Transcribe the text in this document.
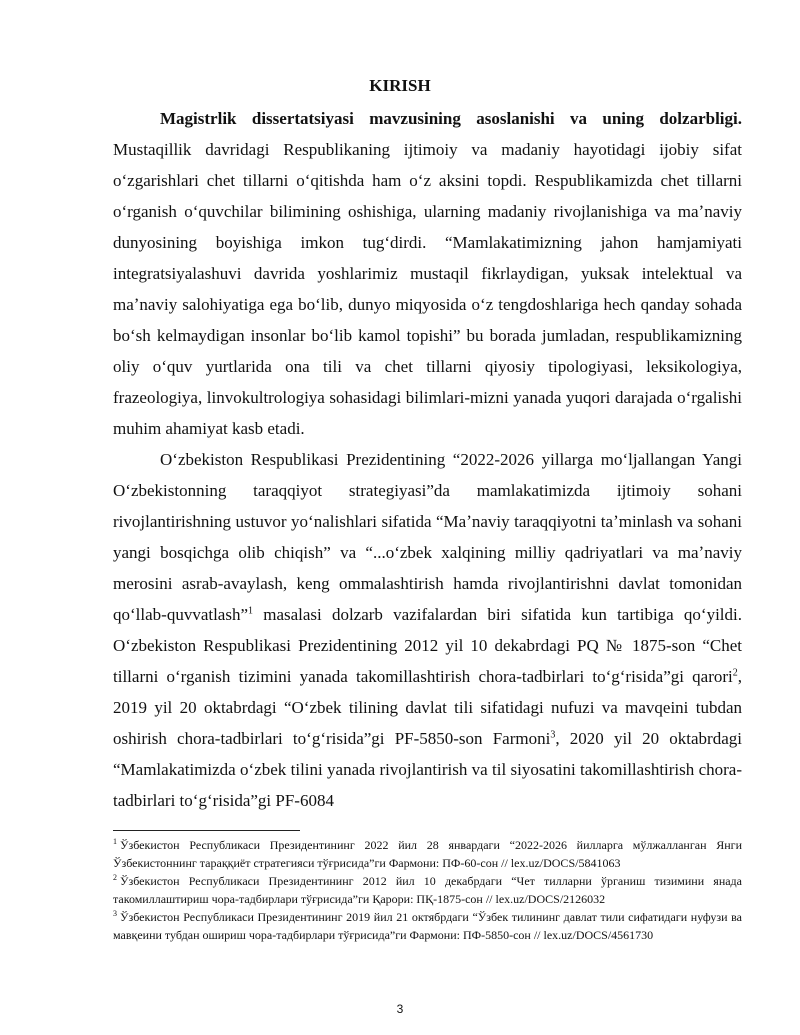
KIRISH

Magistrlik dissertatsiyasi mavzusining asoslanishi va uning dolzarbligi. Mustaqillik davridagi Respublikaning ijtimoiy va madaniy hayotidagi ijobiy sifat oʻzgarishlari chet tillarni oʻqitishda ham oʻz aksini topdi. Respublikamizda chet tillarni oʻrganish oʻquvchilar bilimining oshishiga, ularning madaniy rivojlanishiga va maʼnaviy dunyosining boyishiga imkon tugʻdirdi. “Mamlakatimizning jahon hamjamiyati integratsiyalashuvi davrida yoshlarimiz mustaqil fikrlaydigan, yuksak intelektual va maʼnaviy salohiyatiga ega boʻlib, dunyo miqyosida oʻz tengdoshlariga hech qanday sohada boʻsh kelmaydigan insonlar boʻlib kamol topishi” bu borada jumladan, respublikamizning oliy oʻquv yurtlarida ona tili va chet tillarni qiyosiy tipologiyasi, leksikologiya, frazeologiya, linvokultrologiya sohasidagi bilimlari-mizni yanada yuqori darajada oʻrgalishi muhim ahamiyat kasb etadi.

Oʻzbekiston Respublikasi Prezidentining “2022-2026 yillarga moʻljallangan Yangi Oʻzbekistonning taraqqiyot strategiyasi”da mamlakatimizda ijtimoiy sohani rivojlantirishning ustuvor yoʻnalishlari sifatida “Maʼnaviy taraqqiyotni taʼminlash va sohani yangi bosqichga olib chiqish” va “...oʻzbek xalqining milliy qadriyatlari va maʼnaviy merosini asrab-avaylash, keng ommalashtirish hamda rivojlantirishni davlat tomonidan qoʻllab-quvvatlash”$^1$ masalasi dolzarb vazifalardan biri sifatida kun tartibiga qoʻyildi. Oʻzbekiston Respublikasi Prezidentining 2012 yil 10 dekabrdagi PQ № 1875-son “Chet tillarni oʻrganish tizimini yanada takomillashtirish chora-tadbirlari toʻgʻrisida”gi qarori$^2$, 2019 yil 20 oktabrdagi “Oʻzbek tilining davlat tili sifatidagi nufuzi va mavqeini tubdan oshirish chora-tadbirlari toʻgʻrisida”gi PF-5850-son Farmoni$^3$, 2020 yil 20 oktabrdagi “Mamlakatimizda oʻzbek tilini yanada rivojlantirish va til siyosatini takomillashtirish chora-tadbirlari toʻgʻrisida”gi PF-6084

$^1$ Ўзбекистон Республикаси Президентининг 2022 йил 28 январдаги “2022-2026 йилларга мўлжалланган Янги Ўзбекистоннинг тараққиёт стратегияси тўғрисида”ги Фармони: ПФ-60-сон // lex.uz/DOCS/5841063

$^2$ Ўзбекистон Республикаси Президентининг 2012 йил 10 декабрдаги “Чет тилларни ўрганиш тизимини янада такомиллаштириш чора-тадбирлари тўғрисида”ги Қарори: ПҚ-1875-сон // lex.uz/DOCS/2126032

$^3$ Ўзбекистон Республикаси Президентининг 2019 йил 21 октябрдаги “Ўзбек тилининг давлат тили сифатидаги нуфузи ва мавқеини тубдан ошириш чора-тадбирлари тўғрисида”ги Фармони: ПФ-5850-сон // lex.uz/DOCS/4561730

3
